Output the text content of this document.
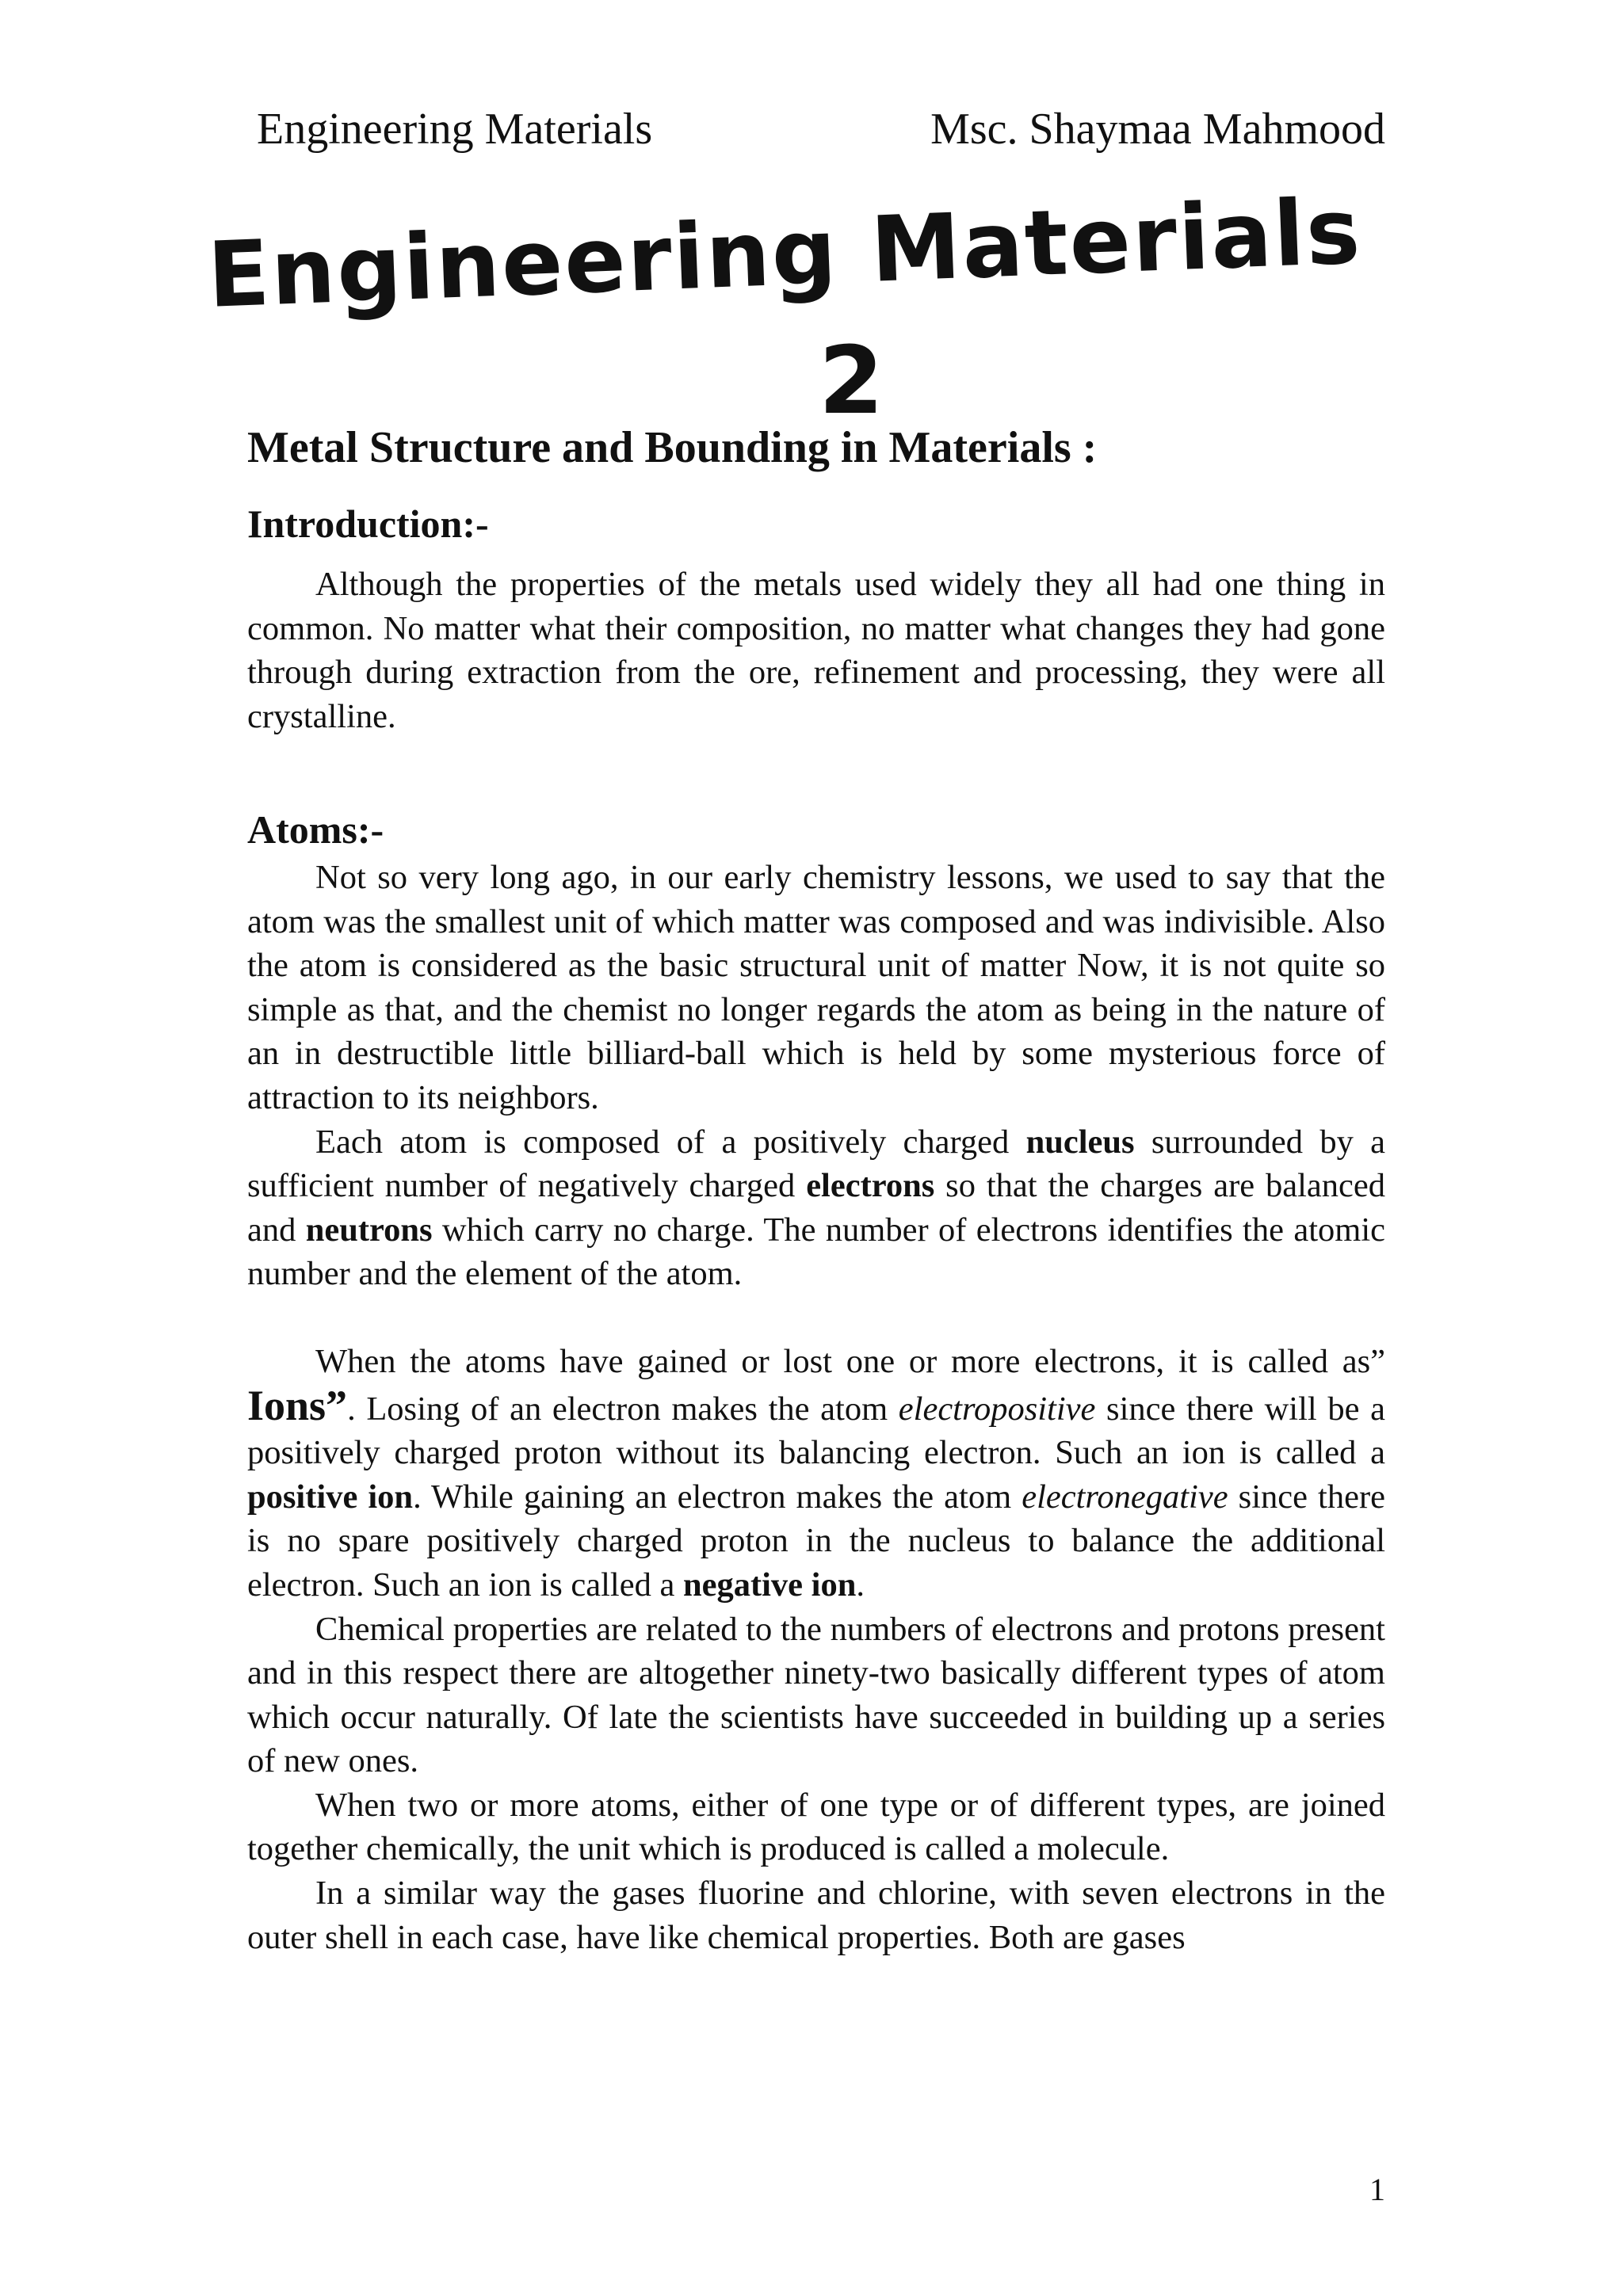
Engineering Materials	Msc. Shaymaa Mahmood
Engineering Materials
2
Metal Structure and Bounding in Materials :
Introduction:-

Although the properties of the metals used widely they all had one thing in common. No matter what their composition, no matter what changes they had gone through during extraction from the ore, refinement and processing, they were all crystalline.

Atoms:-

Not so very long ago, in our early chemistry lessons, we used to say that the atom was the smallest unit of which matter was composed and was indivisible. Also the atom is considered as the basic structural unit of matter Now, it is not quite so simple as that, and the chemist no longer regards the atom as being in the nature of an in destructible little billiard-ball which is held by some mysterious force of attraction to its neighbors.

Each atom is composed of a positively charged nucleus surrounded by a sufficient number of negatively charged electrons so that the charges are balanced and neutrons which carry no charge. The number of electrons identifies the atomic number and the element of the atom.

When the atoms have gained or lost one or more electrons, it is called as” Ions”. Losing of an electron makes the atom electropositive since there will be a positively charged proton without its balancing electron. Such an ion is called a positive ion. While gaining an electron makes the atom electronegative since there is no spare positively charged proton in the nucleus to balance the additional electron. Such an ion is called a negative ion.

Chemical properties are related to the numbers of electrons and protons present and in this respect there are altogether ninety-two basically different types of atom which occur naturally. Of late the scientists have succeeded in building up a series of new ones.

When two or more atoms, either of one type or of different types, are joined together chemically, the unit which is produced is called a molecule.

In a similar way the gases fluorine and chlorine, with seven electrons in the outer shell in each case, have like chemical properties. Both are gases

1
